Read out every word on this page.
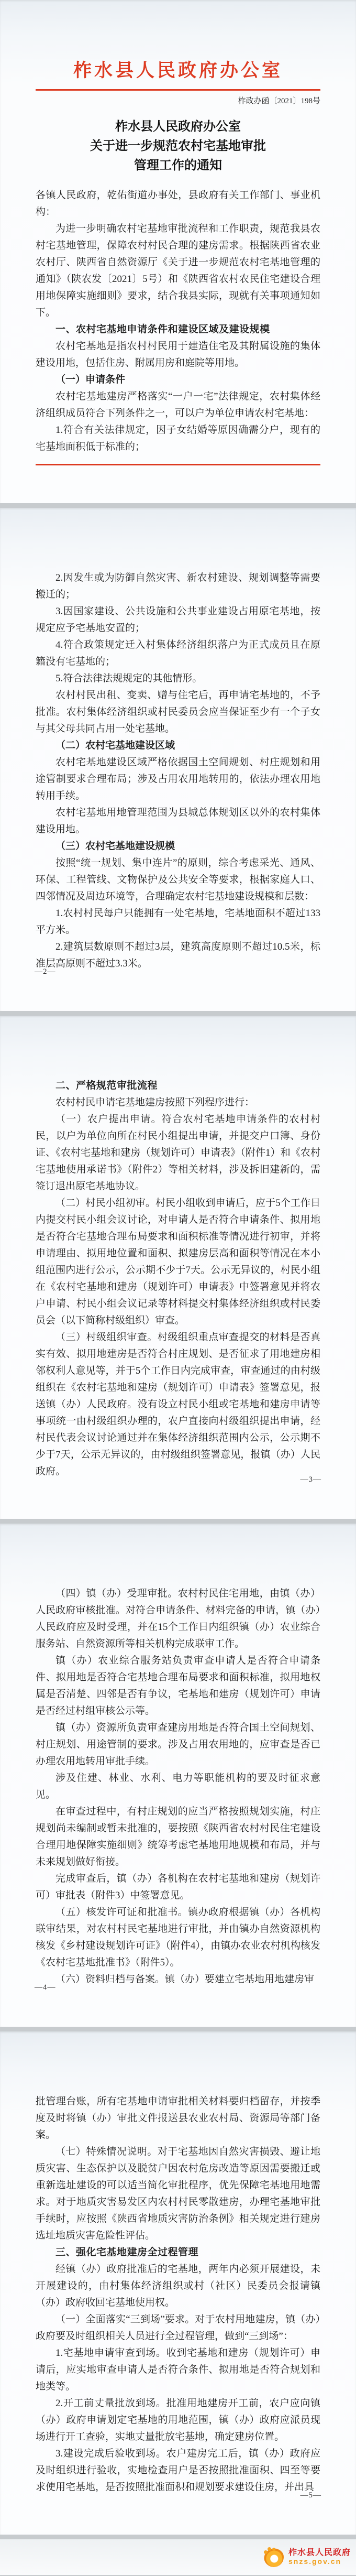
柞水县人民政府办公室
柞政办函〔2021〕198号
柞水县人民政府办公室
关于进一步规范农村宅基地审批
管理工作的通知

各镇人民政府，乾佑街道办事处，县政府有关工作部门、事业机构：

为进一步明确农村宅基地审批流程和工作职责，规范我县农村宅基地管理，保障农村村民合理的建房需求。根据陕西省农业农村厅、陕西省自然资源厅《关于进一步规范农村宅基地管理的通知》（陕农发〔2021〕5号）和《陕西省农村农民住宅建设合理用地保障实施细则》要求，结合我县实际，现就有关事项通知如下。

一、农村宅基地申请条件和建设区域及建设规模

农村宅基地是指农村村民用于建造住宅及其附属设施的集体建设用地，包括住房、附属用房和庭院等用地。

（一）申请条件

农村宅基地建房严格落实“一户一宅”法律规定，农村集体经济组织成员符合下列条件之一，可以户为单位申请农村宅基地：

1.符合有关法律规定，因子女结婚等原因确需分户，现有的宅基地面积低于标准的；

2.因发生或为防御自然灾害、新农村建设、规划调整等需要搬迁的；

3.因国家建设、公共设施和公共事业建设占用原宅基地，按规定应予宅基地安置的；

4.符合政策规定迁入村集体经济组织落户为正式成员且在原籍没有宅基地的；

5.符合法律法规规定的其他情形。

农村村民出租、变卖、赠与住宅后，再申请宅基地的，不予批准。农村集体经济组织或村民委员会应当保证至少有一个子女与其父母共同占用一处宅基地。

（二）农村宅基地建设区域

农村宅基地建设区域严格依据国土空间规划、村庄规划和用途管制要求合理布局；涉及占用农用地转用的，依法办理农用地转用手续。

农村宅基地用地管理范围为县城总体规划区以外的农村集体建设用地。

（三）农村宅基地建设规模

按照“统一规划、集中连片”的原则，综合考虑采光、通风、环保、工程管线、文物保护及公共安全等要求，根据家庭人口、四邻情况及周边环境等，合理确定农村宅基地建设规模和层数：

1.农村村民每户只能拥有一处宅基地，宅基地面积不超过133平方米。

2.建筑层数原则不超过3层，建筑高度原则不超过10.5米，标准层高原则不超过3.3米。

—2—

二、严格规范审批流程

农村村民申请宅基地建房按照下列程序进行：

（一）农户提出申请。符合农村宅基地申请条件的农村村民，以户为单位向所在村民小组提出申请，并提交户口簿、身份证、《农村宅基地和建房（规划许可）申请表》（附件1）和《农村宅基地使用承诺书》（附件2）等相关材料，涉及拆旧建新的，需签订退出原宅基地协议。

（二）村民小组初审。村民小组收到申请后，应于5个工作日内提交村民小组会议讨论，对申请人是否符合申请条件、拟用地是否符合宅基地合理布局要求和面积标准等情况进行初审，并将申请理由、拟用地位置和面积、拟建房层高和面积等情况在本小组范围内进行公示，公示期不少于7天。公示无异议的，村民小组在《农村宅基地和建房（规划许可）申请表》中签署意见并将农户申请、村民小组会议记录等材料提交村集体经济组织或村民委员会（以下简称村级组织）审查。

（三）村级组织审查。村级组织重点审查提交的材料是否真实有效、拟用地建房是否符合村庄规划、是否征求了用地建房相邻权利人意见等，并于5个工作日内完成审查，审查通过的由村级组织在《农村宅基地和建房（规划许可）申请表》签署意见，报送镇（办）人民政府。没有设立村民小组或宅基地和建房申请等事项统一由村级组织办理的，农户直接向村级组织提出申请，经村民代表会议讨论通过并在集体经济组织范围内公示，公示期不少于7天，公示无异议的，由村级组织签署意见，报镇（办）人民政府。

—3—

（四）镇（办）受理审批。农村村民住宅用地，由镇（办）人民政府审核批准。对符合申请条件、材料完备的申请，镇（办）人民政府应及时受理，并在15个工作日内组织镇（办）农业综合服务站、自然资源所等相关机构完成联审工作。

镇（办）农业综合服务站负责审查申请人是否符合申请条件、拟用地是否符合宅基地合理布局要求和面积标准，拟用地权属是否清楚、四邻是否有争议，宅基地和建房（规划许可）申请是否经过村组审核公示等。

镇（办）资源所负责审查建房用地是否符合国土空间规划、村庄规划、用途管制的要求。涉及占用农用地的，应审查是否已办理农用地转用审批手续。

涉及住建、林业、水利、电力等职能机构的要及时征求意见。

在审查过程中，有村庄规划的应当严格按照规划实施，村庄规划尚未编制或暂未批准的，要按照《陕西省农村村民住宅建设合理用地保障实施细则》统筹考虑宅基地用地规模和布局，并与未来规划做好衔接。

完成审查后，镇（办）各机构在农村宅基地和建房（规划许可）审批表（附件3）中签署意见。

（五）核发许可证和批准书。镇办政府根据镇（办）各机构联审结果，对农村村民宅基地进行审批，并由镇办自然资源机构核发《乡村建设规划许可证》（附件4），由镇办农业农村机构核发《农村宅基地批准书》（附件5）。

（六）资料归档与备案。镇（办）要建立宅基地用地建房审

—4—

批管理台账，所有宅基地申请审批相关材料要归档留存，并按季度及时将镇（办）审批文件报送县农业农村局、资源局等部门备案。

（七）特殊情况说明。对于宅基地因自然灾害损毁、避让地质灾害、生态保护以及脱贫户因农村危房改造等原因需要搬迁或重新选址建设的可以适当简化审批程序，优先保障宅基地用地需求。对于地质灾害易发区内农村村民零散建房，办理宅基地审批手续时，应按照《陕西省地质灾害防治条例》相关规定进行建房选址地质灾害危险性评估。

三、强化宅基地建房全过程管理

经镇（办）政府批准后的宅基地，两年内必须开展建设，未开展建设的，由村集体经济组织或村（社区）民委员会报请镇（办）政府收回宅基地使用权。

（一）全面落实“三到场”要求。对于农村用地建房，镇（办）政府要及时组织相关人员进行全过程管理，做到“三到场”：

1.宅基地申请审查到场。收到宅基地和建房（规划许可）申请后，应实地审查申请人是否符合条件、拟用地是否符合规划和地类等。

2.开工前丈量批放到场。批准用地建房开工前，农户应向镇（办）政府申请划定宅基地的用地范围，镇（办）政府应派员现场进行开工查验，实地丈量批放宅基地，确定建房位置。

3.建设完成后验收到场。农户建房完工后，镇（办）政府应及时组织进行验收，实地检查用户是否按照批准面积、四至等要求使用宅基地，是否按照批准面积和规划要求建设住房，并出具

—5—
柞水县人民政府
snzs.gov.cn
